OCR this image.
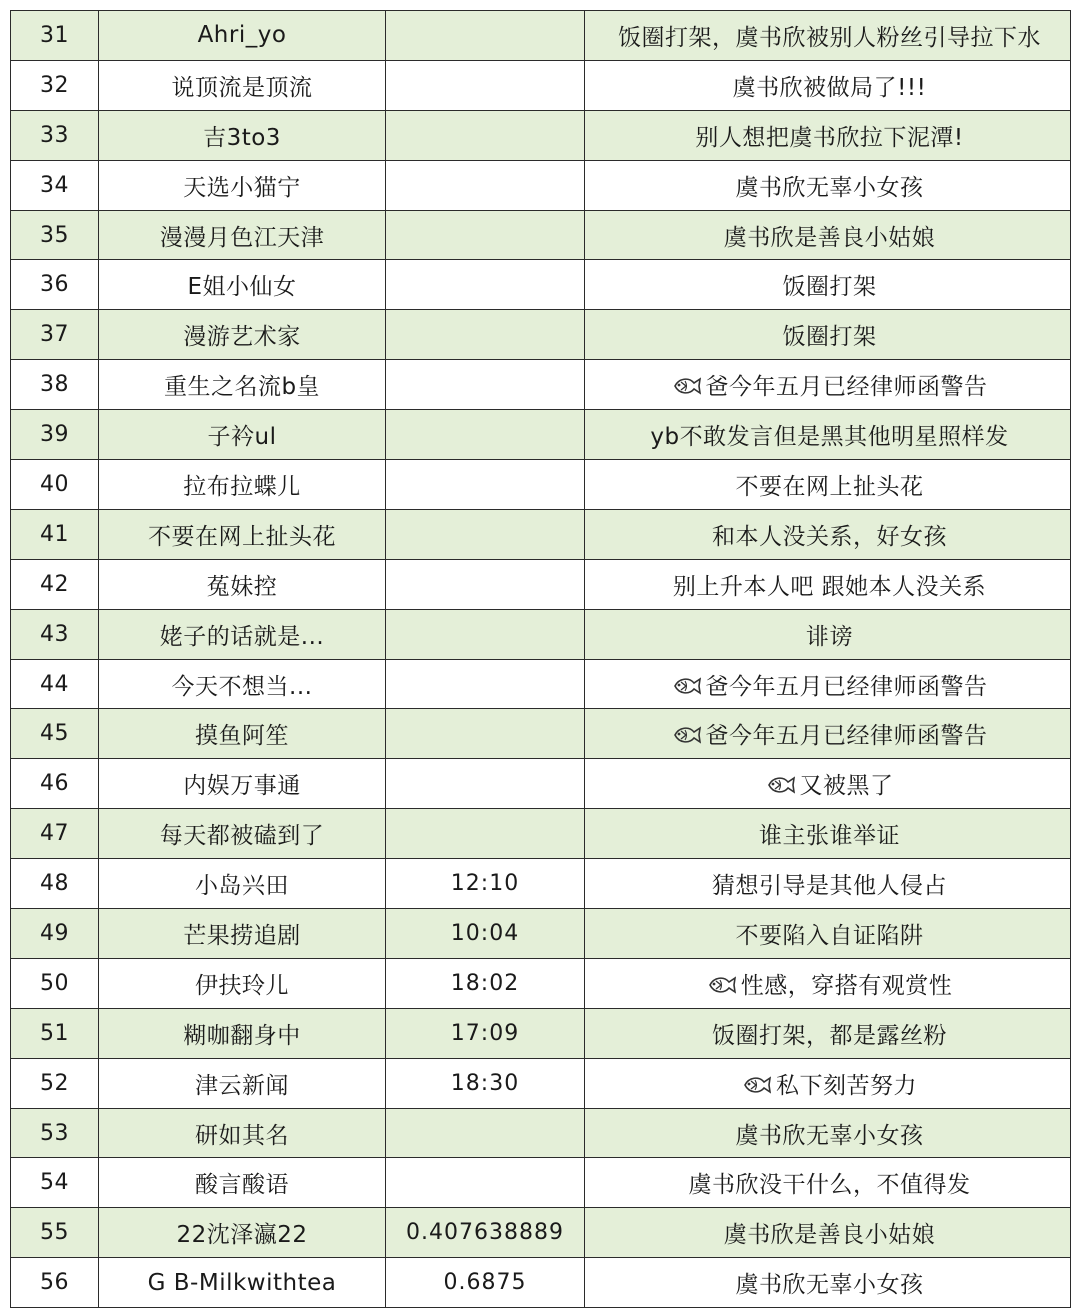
31	Ahri_yo		饭圈打架，虞书欣被别人粉丝引导拉下水
32	说顶流是顶流		虞书欣被做局了!!!
33	吉3to3		别人想把虞书欣拉下泥潭!
34	天选小猫宁		虞书欣无辜小女孩
35	漫漫月色江天津		虞书欣是善良小姑娘
36	E姐小仙女		饭圈打架
37	漫游艺术家		饭圈打架
38	重生之名流b皇		爸今年五月已经律师函警告
39	子衿ul		yb不敢发言但是黑其他明星照样发
40	拉布拉蝶儿		不要在网上扯头花
41	不要在网上扯头花		和本人没关系，好女孩
42	菟妹控		别上升本人吧 跟她本人没关系
43	姥子的话就是...		诽谤
44	今天不想当...		爸今年五月已经律师函警告
45	摸鱼阿笙		爸今年五月已经律师函警告
46	内娱万事通		又被黑了
47	每天都被磕到了		谁主张谁举证
48	小岛兴田	12:10	猜想引导是其他人侵占
49	芒果捞追剧	10:04	不要陷入自证陷阱
50	伊扶玲儿	18:02	性感，穿搭有观赏性
51	糊咖翻身中	17:09	饭圈打架，都是露丝粉
52	津云新闻	18:30	私下刻苦努力
53	研如其名		虞书欣无辜小女孩
54	酸言酸语		虞书欣没干什么，不值得发
55	22沈泽瀛22	0.407638889	虞书欣是善良小姑娘
56	G B-Milkwithtea	0.6875	虞书欣无辜小女孩
